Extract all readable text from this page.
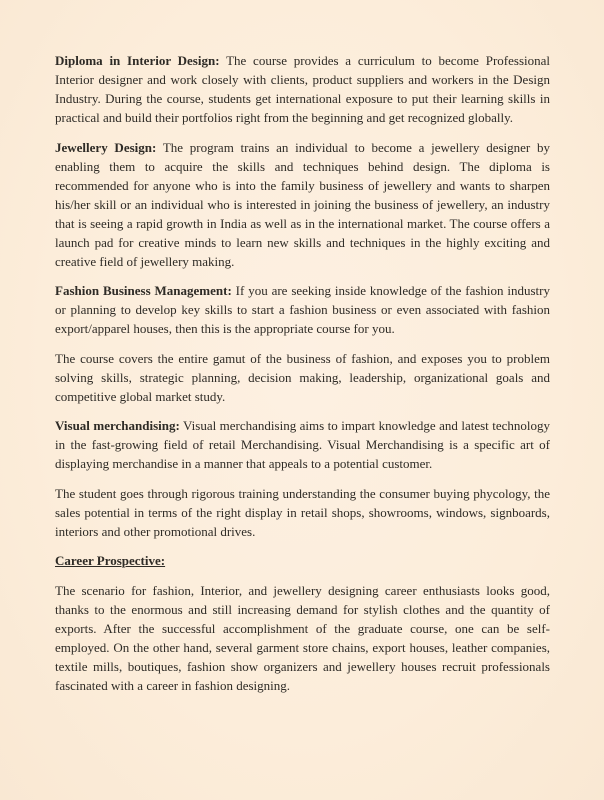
Diploma in Interior Design: The course provides a curriculum to become Professional Interior designer and work closely with clients, product suppliers and workers in the Design Industry. During the course, students get international exposure to put their learning skills in practical and build their portfolios right from the beginning and get recognized globally.

Jewellery Design: The program trains an individual to become a jewellery designer by enabling them to acquire the skills and techniques behind design. The diploma is recommended for anyone who is into the family business of jewellery and wants to sharpen his/her skill or an individual who is interested in joining the business of jewellery, an industry that is seeing a rapid growth in India as well as in the international market. The course offers a launch pad for creative minds to learn new skills and techniques in the highly exciting and creative field of jewellery making.

Fashion Business Management: If you are seeking inside knowledge of the fashion industry or planning to develop key skills to start a fashion business or even associated with fashion export/apparel houses, then this is the appropriate course for you.

The course covers the entire gamut of the business of fashion, and exposes you to problem solving skills, strategic planning, decision making, leadership, organizational goals and competitive global market study.

Visual merchandising: Visual merchandising aims to impart knowledge and latest technology in the fast-growing field of retail Merchandising. Visual Merchandising is a specific art of displaying merchandise in a manner that appeals to a potential customer.

The student goes through rigorous training understanding the consumer buying phycology, the sales potential in terms of the right display in retail shops, showrooms, windows, signboards, interiors and other promotional drives.

Career Prospective:

The scenario for fashion, Interior, and jewellery designing career enthusiasts looks good, thanks to the enormous and still increasing demand for stylish clothes and the quantity of exports. After the successful accomplishment of the graduate course, one can be self-employed. On the other hand, several garment store chains, export houses, leather companies, textile mills, boutiques, fashion show organizers and jewellery houses recruit professionals fascinated with a career in fashion designing.
